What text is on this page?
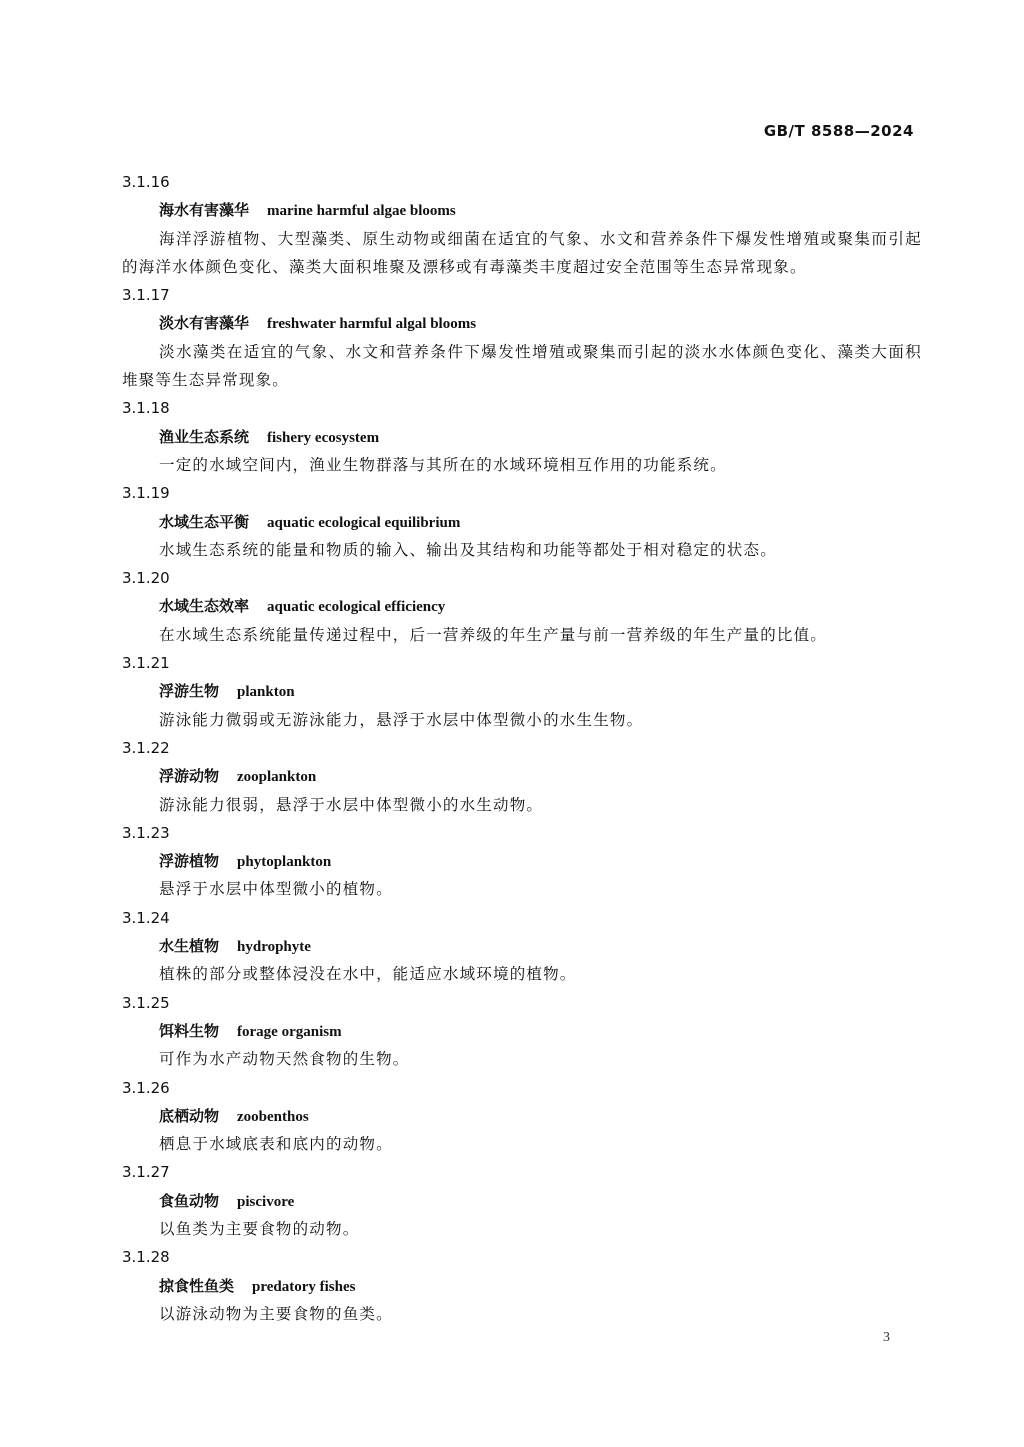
GB/T 8588—2024
3.1.16
海水有害藻华 marine harmful algae blooms
海洋浮游植物、大型藻类、原生动物或细菌在适宜的气象、水文和营养条件下爆发性增殖或聚集而引起的海洋水体颜色变化、藻类大面积堆聚及漂移或有毒藻类丰度超过安全范围等生态异常现象。
3.1.17
淡水有害藻华 freshwater harmful algal blooms
淡水藻类在适宜的气象、水文和营养条件下爆发性增殖或聚集而引起的淡水水体颜色变化、藻类大面积堆聚等生态异常现象。
3.1.18
渔业生态系统 fishery ecosystem
一定的水域空间内，渔业生物群落与其所在的水域环境相互作用的功能系统。
3.1.19
水域生态平衡 aquatic ecological equilibrium
水域生态系统的能量和物质的输入、输出及其结构和功能等都处于相对稳定的状态。
3.1.20
水域生态效率 aquatic ecological efficiency
在水域生态系统能量传递过程中，后一营养级的年生产量与前一营养级的年生产量的比值。
3.1.21
浮游生物 plankton
游泳能力微弱或无游泳能力，悬浮于水层中体型微小的水生生物。
3.1.22
浮游动物 zooplankton
游泳能力很弱，悬浮于水层中体型微小的水生动物。
3.1.23
浮游植物 phytoplankton
悬浮于水层中体型微小的植物。
3.1.24
水生植物 hydrophyte
植株的部分或整体浸没在水中，能适应水域环境的植物。
3.1.25
饵料生物 forage organism
可作为水产动物天然食物的生物。
3.1.26
底栖动物 zoobenthos
栖息于水域底表和底内的动物。
3.1.27
食鱼动物 piscivore
以鱼类为主要食物的动物。
3.1.28
掠食性鱼类 predatory fishes
以游泳动物为主要食物的鱼类。
3
